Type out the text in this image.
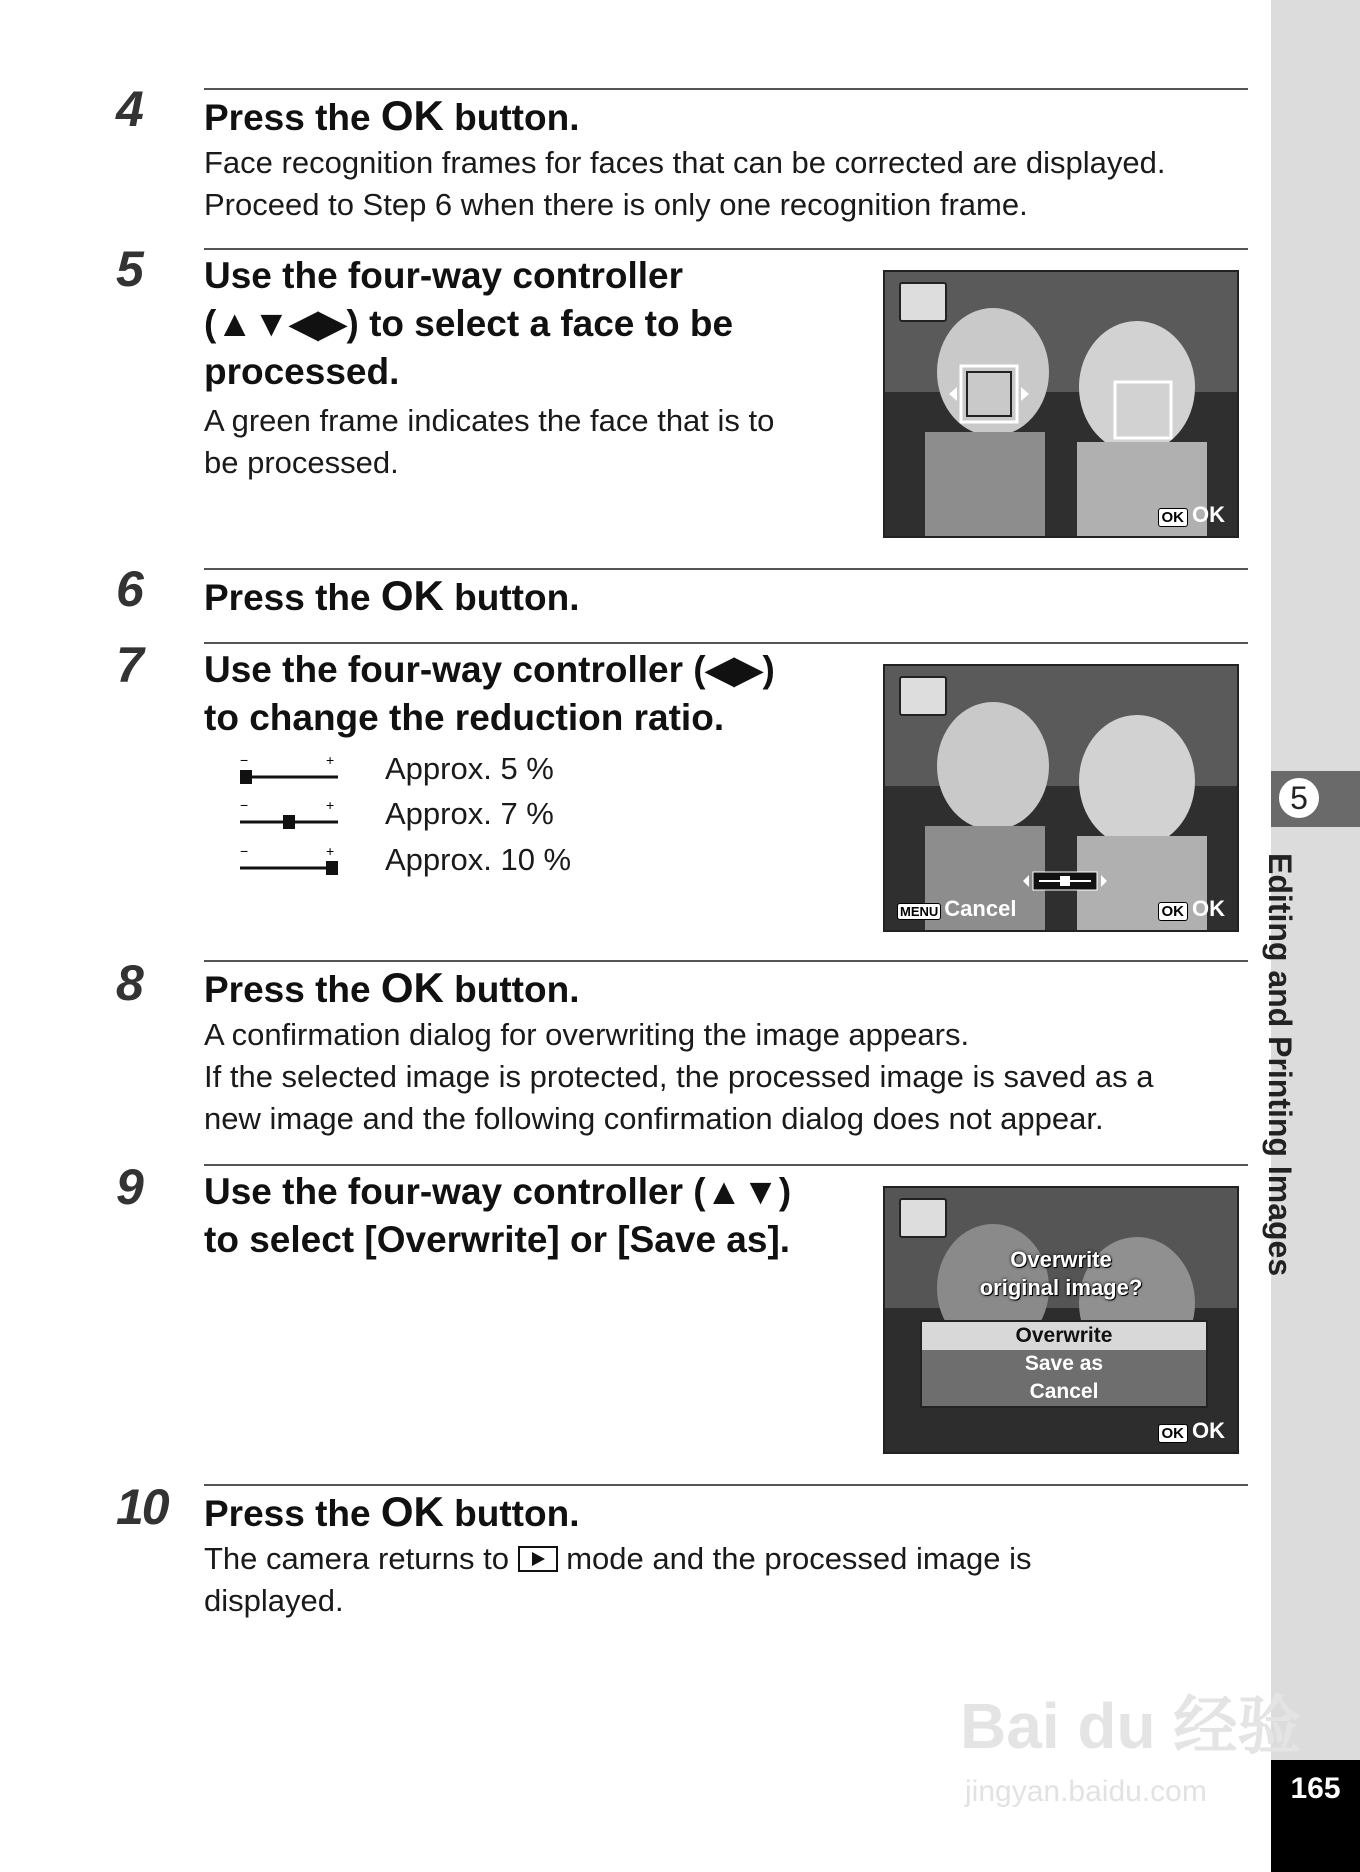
5
Editing and Printing Images
165
4 Press the OK button.
Face recognition frames for faces that can be corrected are displayed.
Proceed to Step 6 when there is only one recognition frame.
5 Use the four-way controller
(▲▼◀▶) to select a face to be
processed.
A green frame indicates the face that is to
be processed.
OK OK
6 Press the OK button.
7 Use the four-way controller (◀▶)
to change the reduction ratio.
−	+ Approx. 5 %
−	+ Approx. 7 %
−	+ Approx. 10 %
MENU Cancel	OK OK
8 Press the OK button.
A confirmation dialog for overwriting the image appears.
If the selected image is protected, the processed image is saved as a
new image and the following confirmation dialog does not appear.
9 Use the four-way controller (▲▼)
to select [Overwrite] or [Save as].	Overwrite
original image?
Overwrite
Save as
Cancel
OK OK
10 Press the OK button.
The camera returns to  mode and the processed image is
displayed.
Bai du 经验
jingyan.baidu.com
